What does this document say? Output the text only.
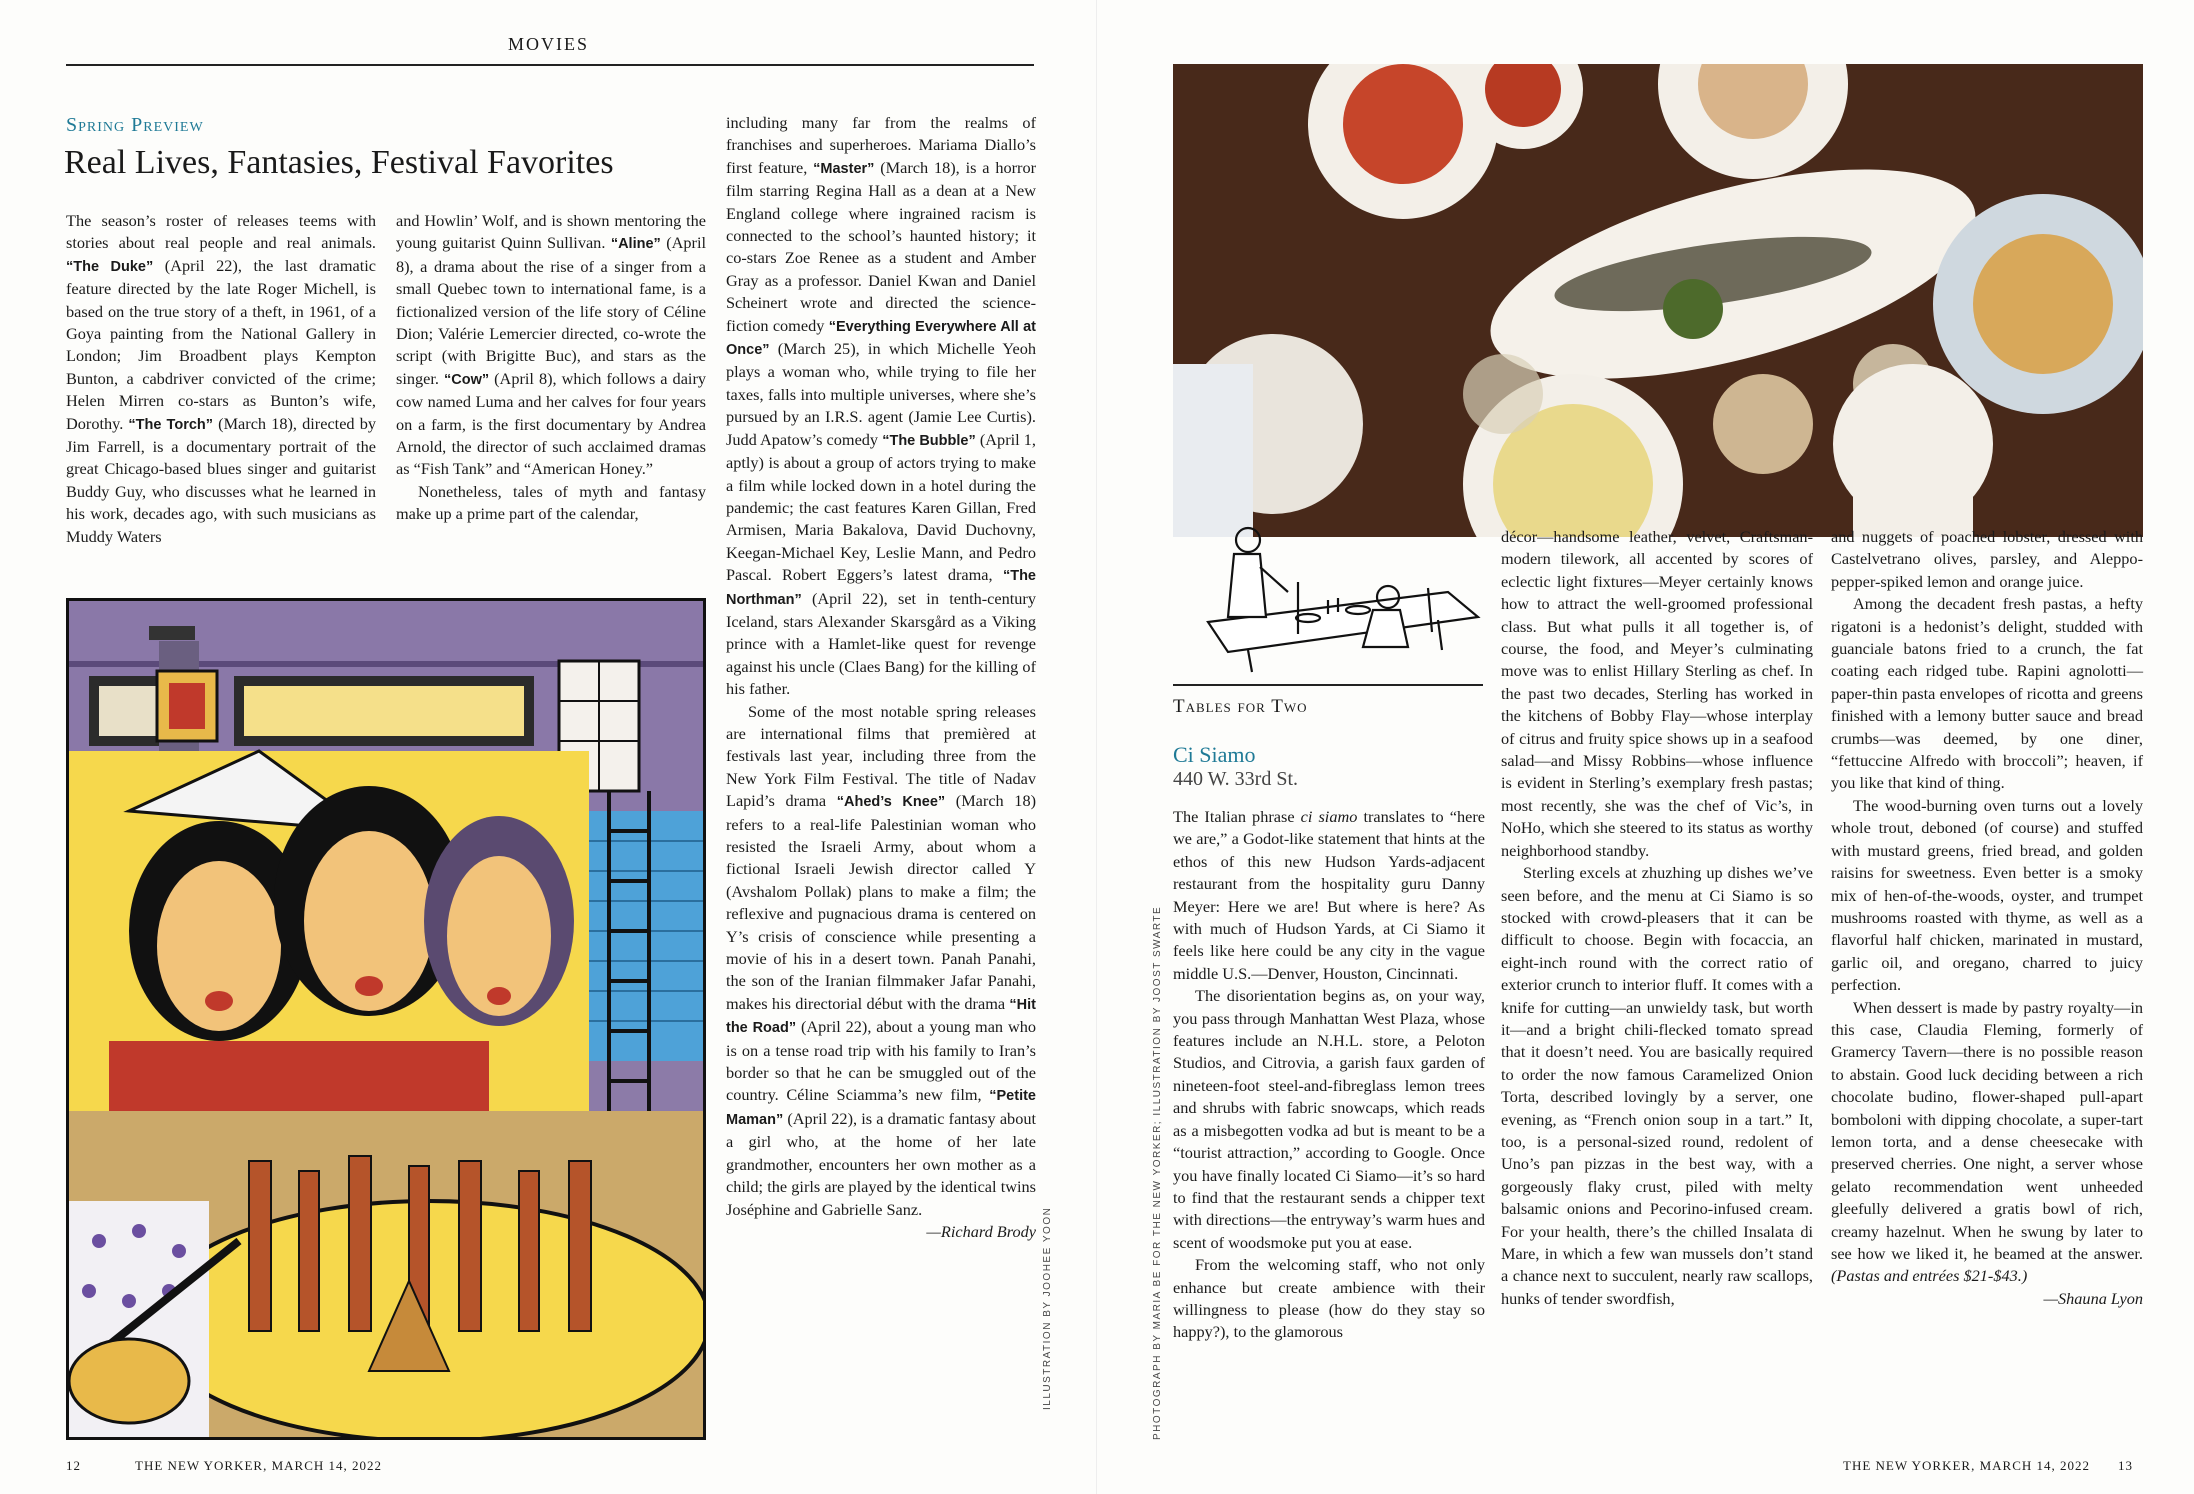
MOVIES
Spring Preview
Real Lives, Fantasies, Festival Favorites

The season’s roster of releases teems with stories about real people and real animals. “The Duke” (April 22), the last dramatic feature directed by the late Roger Michell, is based on the true story of a theft, in 1961, of a Goya painting from the National Gallery in London; Jim Broadbent plays Kempton Bunton, a cabdriver convicted of the crime; Helen Mirren co-stars as Bunton’s wife, Dorothy. “The Torch” (March 18), directed by Jim Farrell, is a documentary portrait of the great Chicago-based blues singer and guitarist Buddy Guy, who discusses what he learned in his work, decades ago, with such musicians as Muddy Waters

and Howlin’ Wolf, and is shown mentoring the young guitarist Quinn Sullivan. “Aline” (April 8), a drama about the rise of a singer from a small Quebec town to international fame, is a fictionalized version of the life story of Céline Dion; Valérie Lemercier directed, co-wrote the script (with Brigitte Buc), and stars as the singer. “Cow” (April 8), which follows a dairy cow named Luma and her calves for four years on a farm, is the first documentary by Andrea Arnold, the director of such acclaimed dramas as “Fish Tank” and “American Honey.”

Nonetheless, tales of myth and fantasy make up a prime part of the calendar,

including many far from the realms of franchises and superheroes. Mariama Diallo’s first feature, “Master” (March 18), is a horror film starring Regina Hall as a dean at a New England college where ingrained racism is connected to the school’s haunted history; it co-stars Zoe Renee as a student and Amber Gray as a professor. Daniel Kwan and Daniel Scheinert wrote and directed the science-fiction comedy “Everything Everywhere All at Once” (March 25), in which Michelle Yeoh plays a woman who, while trying to file her taxes, falls into multiple universes, where she’s pursued by an I.R.S. agent (Jamie Lee Curtis). Judd Apatow’s comedy “The Bubble” (April 1, aptly) is about a group of actors trying to make a film while locked down in a hotel during the pandemic; the cast features Karen Gillan, Fred Armisen, Maria Bakalova, David Duchovny, Keegan-Michael Key, Leslie Mann, and Pedro Pascal. Robert Eggers’s latest drama, “The Northman” (April 22), set in tenth-century Iceland, stars Alexander Skarsgård as a Viking prince with a Hamlet-like quest for revenge against his uncle (Claes Bang) for the killing of his father.

Some of the most notable spring releases are international films that premièred at festivals last year, including three from the New York Film Festival. The title of Nadav Lapid’s drama “Ahed’s Knee” (March 18) refers to a real-life Palestinian woman who resisted the Israeli Army, about whom a fictional Israeli Jewish director called Y (Avshalom Pollak) plans to make a film; the reflexive and pugnacious drama is centered on Y’s crisis of conscience while presenting a movie of his in a desert town. Panah Panahi, the son of the Iranian filmmaker Jafar Panahi, makes his directorial début with the drama “Hit the Road” (April 22), about a young man who is on a tense road trip with his family to Iran’s border so that he can be smuggled out of the country. Céline Sciamma’s new film, “Petite Maman” (April 22), is a dramatic fantasy about a girl who, at the home of her late grandmother, encounters her own mother as a child; the girls are played by the identical twins Joséphine and Gabrielle Sanz.

—Richard Brody ILLUSTRATION BY JOOHEE YOON
12	THE NEW YORKER, MARCH 14, 2022
PHOTOGRAPH BY MARIA BE FOR THE NEW YORKER; ILLUSTRATION BY JOOST SWARTE
Tables for Two
Ci Siamo
440 W. 33rd St.

The Italian phrase ci siamo translates to “here we are,” a Godot-like statement that hints at the ethos of this new Hudson Yards-adjacent restaurant from the hospitality guru Danny Meyer: Here we are! But where is here? As with much of Hudson Yards, at Ci Siamo it feels like here could be any city in the vague middle U.S.—Denver, Houston, Cincinnati.

The disorientation begins as, on your way, you pass through Manhattan West Plaza, whose features include an N.H.L. store, a Peloton Studios, and Citrovia, a garish faux garden of nineteen-foot steel-and-fibreglass lemon trees and shrubs with fabric snowcaps, which reads as a misbegotten vodka ad but is meant to be a “tourist attraction,” according to Google. Once you have finally located Ci Siamo—it’s so hard to find that the restaurant sends a chipper text with directions—the entryway’s warm hues and scent of woodsmoke put you at ease.

From the welcoming staff, who not only enhance but create ambience with their willingness to please (how do they stay so happy?), to the glamorous

décor—handsome leather, velvet, Craftsman-modern tilework, all accented by scores of eclectic light fixtures—Meyer certainly knows how to attract the well-groomed professional class. But what pulls it all together is, of course, the food, and Meyer’s culminating move was to enlist Hillary Sterling as chef. In the past two decades, Sterling has worked in the kitchens of Bobby Flay—whose interplay of citrus and fruity spice shows up in a seafood salad—and Missy Robbins—whose influence is evident in Sterling’s exemplary fresh pastas; most recently, she was the chef of Vic’s, in NoHo, which she steered to its status as worthy neighborhood standby.

Sterling excels at zhuzhing up dishes we’ve seen before, and the menu at Ci Siamo is so stocked with crowd-pleasers that it can be difficult to choose. Begin with focaccia, an eight-inch round with the correct ratio of exterior crunch to interior fluff. It comes with a knife for cutting—an unwieldy task, but worth it—and a bright chili-flecked tomato spread that it doesn’t need. You are basically required to order the now famous Caramelized Onion Torta, described lovingly by a server, one evening, as “French onion soup in a tart.” It, too, is a personal-sized round, redolent of Uno’s pan pizzas in the best way, with a gorgeously flaky crust, piled with melty balsamic onions and Pecorino-infused cream. For your health, there’s the chilled Insalata di Mare, in which a few wan mussels don’t stand a chance next to succulent, nearly raw scallops, hunks of tender swordfish,

and nuggets of poached lobster, dressed with Castelvetrano olives, parsley, and Aleppo-pepper-spiked lemon and orange juice.

Among the decadent fresh pastas, a hefty rigatoni is a hedonist’s delight, studded with guanciale batons fried to a crunch, the fat coating each ridged tube. Rapini agnolotti—paper-thin pasta envelopes of ricotta and greens finished with a lemony butter sauce and bread crumbs—was deemed, by one diner, “fettuccine Alfredo with broccoli”; heaven, if you like that kind of thing.

The wood-burning oven turns out a lovely whole trout, deboned (of course) and stuffed with mustard greens, fried bread, and golden raisins for sweetness. Even better is a smoky mix of hen-of-the-woods, oyster, and trumpet mushrooms roasted with thyme, as well as a flavorful half chicken, marinated in mustard, garlic oil, and oregano, charred to juicy perfection.

When dessert is made by pastry royalty—in this case, Claudia Fleming, formerly of Gramercy Tavern—there is no possible reason to abstain. Good luck deciding between a rich chocolate budino, flower-shaped pull-apart bomboloni with dipping chocolate, a super-tart lemon torta, and a dense cheesecake with preserved cherries. One night, a server whose gelato recommendation went unheeded gleefully delivered a gratis bowl of rich, creamy hazelnut. When he swung by later to see how we liked it, he beamed at the answer. (Pastas and entrées $21-$43.)

—Shauna Lyon

THE NEW YORKER, MARCH 14, 2022 13
